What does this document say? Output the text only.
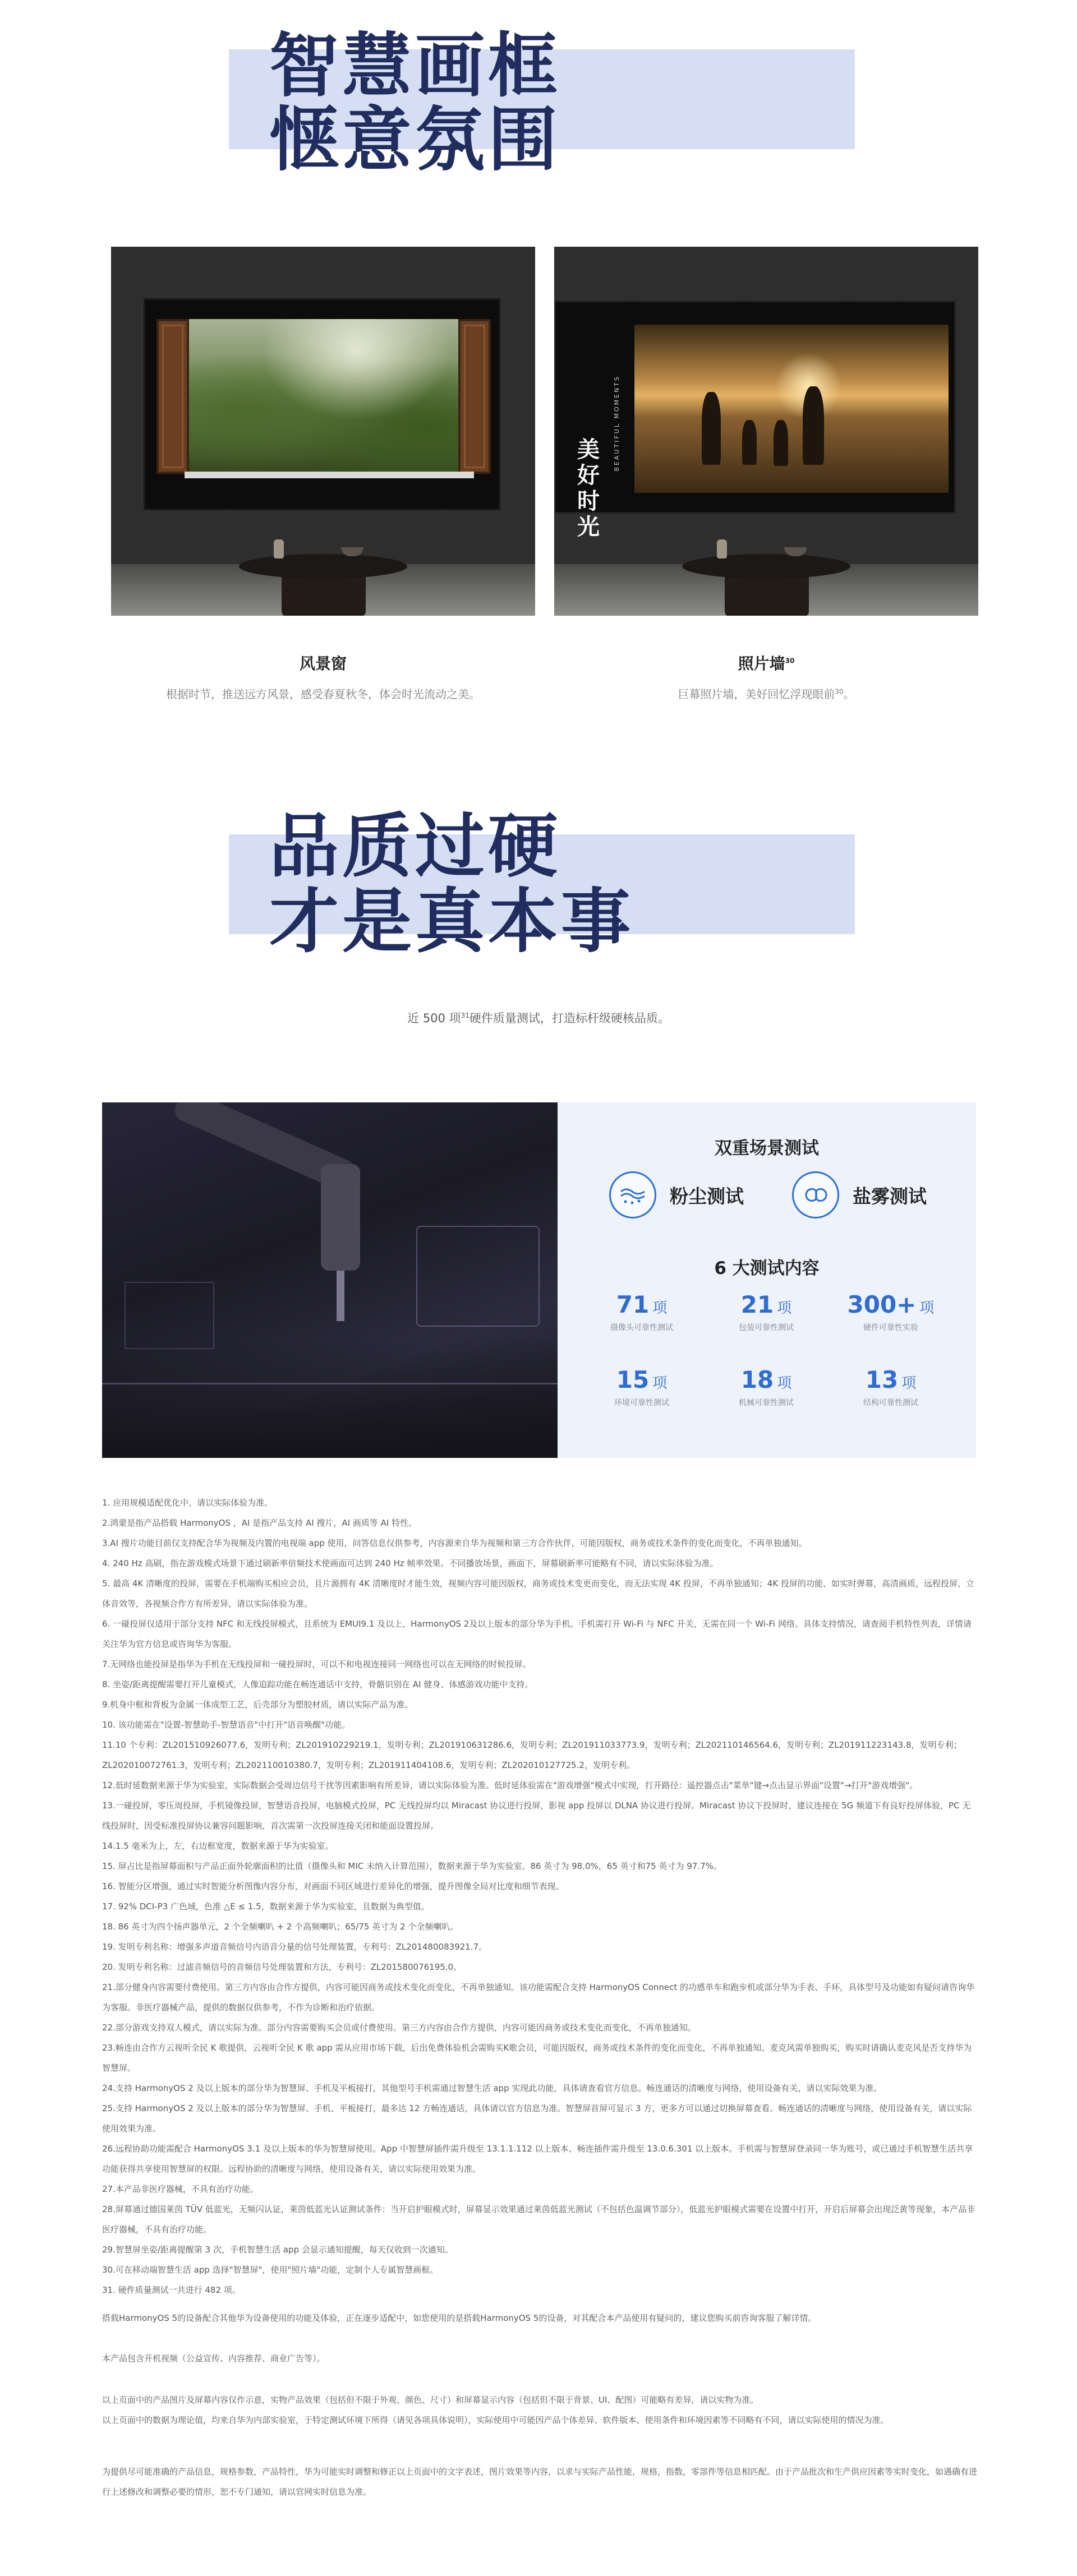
智慧画框
惬意氛围
美好时光
BEAUTIFUL MOMENTS
风景窗
根据时节，推送远方风景，感受春夏秋冬，体会时光流动之美。
照片墙$^{30}$
巨幕照片墙，美好回忆浮现眼前$^{30}$。
品质过硬
才是真本事
近 500 项$^{31}$硬件质量测试，打造标杆级硬核品质。
双重场景测试
粉尘测试	盐雾测试
6 大测试内容
71 项
摄像头可靠性测试
21 项
包装可靠性测试
300+ 项
硬件可靠性实验
15 项
环境可靠性测试
18 项
机械可靠性测试
13 项
结构可靠性测试

1. 应用规模适配优化中，请以实际体验为准。

2.鸿蒙是指产品搭载 HarmonyOS ，AI 是指产品支持 AI 搜片，AI 画质等 AI 特性。

3.AI 搜片功能目前仅支持配合华为视频及内置的电视端 app 使用，问答信息仅供参考，内容源来自华为视频和第三方合作伙伴，可能因版权，商务或技术条件的变化而变化，不再单独通知。

4. 240 Hz 高刷，指在游戏模式场景下通过刷新率倍频技术使画面可达到 240 Hz 帧率效果。不同播放场景，画面下，屏幕刷新率可能略有不同，请以实际体验为准。

5. 最高 4K 清晰度的投屏，需要在手机端购买相应会员，且片源拥有 4K 清晰度时才能生效，视频内容可能因版权，商务或技术变更而变化，而无法实现 4K 投屏，不再单独通知；4K 投屏的功能、如实时弹幕，高清画质，远程投屏，立体音效等，各视频合作方有所差异，请以实际体验为准。

6. 一碰投屏仅适用于部分支持 NFC 和无线投屏模式，且系统为 EMUI9.1 及以上，HarmonyOS 2及以上版本的部分华为手机。手机需打开 Wi-Fi 与 NFC 开关，无需在同一个 Wi-Fi 网络。具体支持情况，请查阅手机特性列表，详情请关注华为官方信息或咨询华为客服。

7.无网络也能投屏是指华为手机在无线投屏和一碰投屏时，可以不和电视连接同一网络也可以在无网络的时候投屏。

8. 坐姿/距离提醒需要打开儿童模式，人像追踪功能在畅连通话中支持，骨骼识别在 AI 健身、体感游戏功能中支持。

9.机身中框和背板为金属一体成型工艺，后壳部分为塑胶材质，请以实际产品为准。

10. 该功能需在"设置-智慧助手-智慧语音"中打开"语音唤醒"功能。

11.10 个专利：ZL201510926077.6，发明专利；ZL201910229219.1，发明专利；ZL201910631286.6，发明专利；ZL201911033773.9，发明专利；ZL202110146564.6，发明专利；ZL201911223143.8，发明专利；ZL202010072761.3，发明专利；ZL202110010380.7，发明专利；ZL201911404108.6，发明专利；ZL202010127725.2，发明专利。

12.低时延数据来源于华为实验室，实际数据会受周边信号干扰等因素影响有所差异，请以实际体验为准。低时延体验需在"游戏增强"模式中实现，打开路径：遥控器点击"菜单"键→点击显示界面"设置"→打开"游戏增强"。

13.一碰投屏，零压周投屏，手机镜像投屏，智慧语音投屏，电脑模式投屏，PC 无线投屏均以 Miracast 协议进行投屏，影视 app 投屏以 DLNA 协议进行投屏。Miracast 协议下投屏时，建议连接在 5G 频道下有良好投屏体验，PC 无线投屏时，因受标准投屏协议兼容问题影响，首次需第一次投屏连接关闭和能面设置投屏。

14.1.5 毫米为上，左，右边框宽度，数据来源于华为实验室。

15. 屏占比是指屏幕面积与产品正面外轮廓面积的比值（摄像头和 MIC 未纳入计算范围），数据来源于华为实验室。86 英寸为 98.0%，65 英寸和75 英寸为 97.7%。

16. 智能分区增强，通过实时智能分析图像内容分布，对画面不同区域进行差异化的增强，提升图像全局对比度和细节表现。

17. 92% DCI-P3 广色域，色准 △E ≤ 1.5，数据来源于华为实验室，且数据为典型值。

18. 86 英寸为四个扬声器单元，2 个全频喇叭 + 2 个高频喇叭；65/75 英寸为 2 个全频喇叭。

19. 发明专利名称：增强多声道音频信号内语音分量的信号处理装置，专利号：ZL201480083921.7。

20. 发明专利名称：过滤音频信号的音频信号处理装置和方法，专利号：ZL201580076195.0。

21.部分健身内容需要付费使用。第三方内容由合作方提供，内容可能因商务或技术变化而变化，不再单独通知。该功能需配合支持 HarmonyOS Connect 的功感单车和跑步机或部分华为手表、手环，具体型号及功能如有疑问请咨询华为客服。非医疗器械产品，提供的数据仅供参考，不作为诊断和治疗依据。

22.部分游戏支持双人模式，请以实际为准。部分内容需要购买会员或付费使用。第三方内容由合作方提供，内容可能因商务或技术变化而变化，不再单独通知。

23.畅连由合作方云视听全民 K 歌提供，云视听全民 K 歌 app 需从应用市场下载，后出免费体验机会需购买K歌会员，可能因版权，商务或技术条件的变化而变化，不再单独通知。麦克风需单独购买，购买时请确认麦克风是否支持华为智慧屏。

24.支持 HarmonyOS 2 及以上版本的部分华为智慧屏、手机及平板接打，其他型号手机需通过智慧生活 app 实现此功能，具体请查看官方信息。畅连通话的清晰度与网络，使用设备有关，请以实际效果为准。

25.支持 HarmonyOS 2 及以上版本的部分华为智慧屏、手机、平板接打，最多达 12 方畅连通话，具体请以官方信息为准。智慧屏首屏可显示 3 方，更多方可以通过切换屏幕查看。畅连通话的清晰度与网络，使用设备有关，请以实际使用效果为准。

26.远程协助功能需配合 HarmonyOS 3.1 及以上版本的华为智慧屏使用。App 中智慧屏插件需升级至 13.1.1.112 以上版本、畅连插件需升级至 13.0.6.301 以上版本。手机需与智慧屏登录同一华为账号，或已通过手机智慧生活共享功能获得共享使用智慧屏的权限。远程协助的清晰度与网络，使用设备有关，请以实际使用效果为准。

27.本产品非医疗器械，不具有治疗功能。

28.屏幕通过德国莱茵 TÜV 低蓝光，无频闪认证，莱茵低蓝光认证测试条件：当开启护眼模式时，屏幕显示效果通过莱茵低蓝光测试（不包括色温调节部分），低蓝光护眼模式需要在设置中打开，开启后屏幕会出现泛黄等现象，本产品非医疗器械，不具有治疗功能。

29.智慧屏坐姿/距离提醒第 3 次，手机智慧生活 app 会显示通知提醒，每天仅收到一次通知。

30.可在移动端智慧生活 app 选择"智慧屏"，使用"照片墙"功能，定制个人专属智慧画框。

31. 硬件质量测试一共进行 482 项。

搭载HarmonyOS 5的设备配合其他华为设备使用的功能及体验，正在逐步适配中，如您使用的是搭载HarmonyOS 5的设备，对其配合本产品使用有疑问的，建议您购买前咨询客服了解详情。
本产品包含开机视频（公益宣传、内容推荐、商业广告等）。
以上页面中的产品图片及屏幕内容仅作示意，实物产品效果（包括但不限于外观、颜色、尺寸）和屏幕显示内容（包括但不限于背景、UI、配图）可能略有差异，请以实物为准。
以上页面中的数据为理论值，均来自华为内部实验室，于特定测试环境下所得（请见各项具体说明），实际使用中可能因产品个体差异、软件版本、使用条件和环境因素等不同略有不同，请以实际使用的情况为准。
为提供尽可能准确的产品信息，规格参数，产品特性，华为可能实时调整和修正以上页面中的文字表述，图片效果等内容，以求与实际产品性能，规格，指数，零部件等信息相匹配。由于产品批次和生产供应因素等实时变化，如遇确有进行上述修改和调整必要的情形，恕不专门通知，请以官网实时信息为准。
